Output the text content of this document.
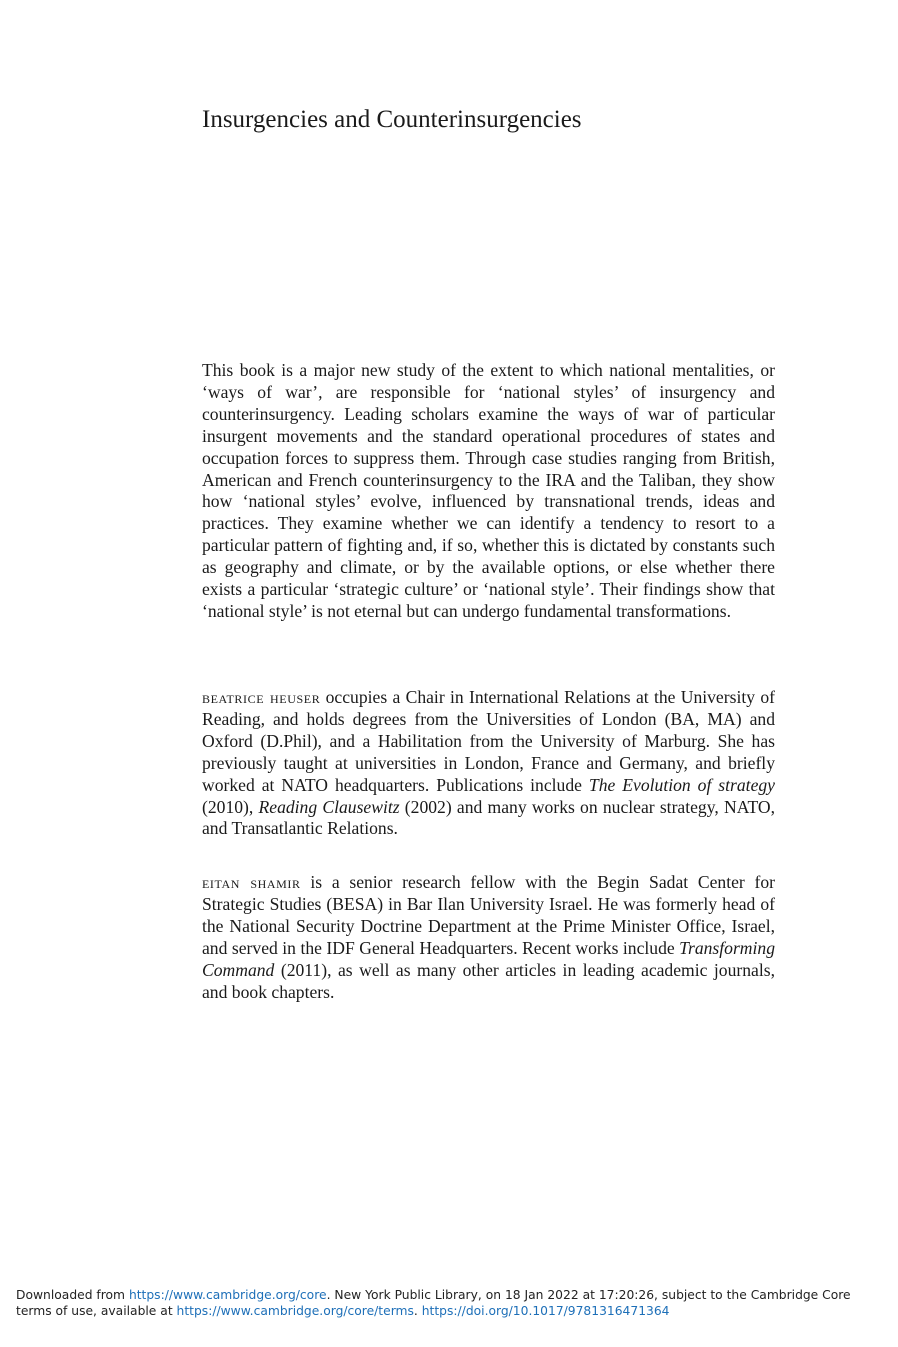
Insurgencies and Counterinsurgencies

This book is a major new study of the extent to which national mentalities, or ‘ways of war’, are responsible for ‘national styles’ of insurgency and counterinsurgency. Leading scholars examine the ways of war of particular insurgent movements and the standard operational procedures of states and occupation forces to suppress them. Through case studies ranging from British, American and French counterinsurgency to the IRA and the Taliban, they show how ‘national styles’ evolve, influenced by transnational trends, ideas and practices. They examine whether we can identify a tendency to resort to a particular pattern of fighting and, if so, whether this is dictated by constants such as geography and climate, or by the available options, or else whether there exists a particular ‘strategic culture’ or ‘national style’. Their findings show that ‘national style’ is not eternal but can undergo fundamental transformations.

beatrice heuser occupies a Chair in International Relations at the University of Reading, and holds degrees from the Universities of London (BA, MA) and Oxford (D.Phil), and a Habilitation from the University of Marburg. She has previously taught at universities in London, France and Germany, and briefly worked at NATO headquarters. Publications include The Evolution of strategy (2010), Reading Clausewitz (2002) and many works on nuclear strategy, NATO, and Transatlantic Relations.

eitan shamir is a senior research fellow with the Begin Sadat Center for Strategic Studies (BESA) in Bar Ilan University Israel. He was formerly head of the National Security Doctrine Department at the Prime Minister Office, Israel, and served in the IDF General Headquarters. Recent works include Transforming Command (2011), as well as many other articles in leading academic journals, and book chapters.

Downloaded from https://www.cambridge.org/core. New York Public Library, on 18 Jan 2022 at 17:20:26, subject to the Cambridge Core terms of use, available at https://www.cambridge.org/core/terms. https://doi.org/10.1017/9781316471364
